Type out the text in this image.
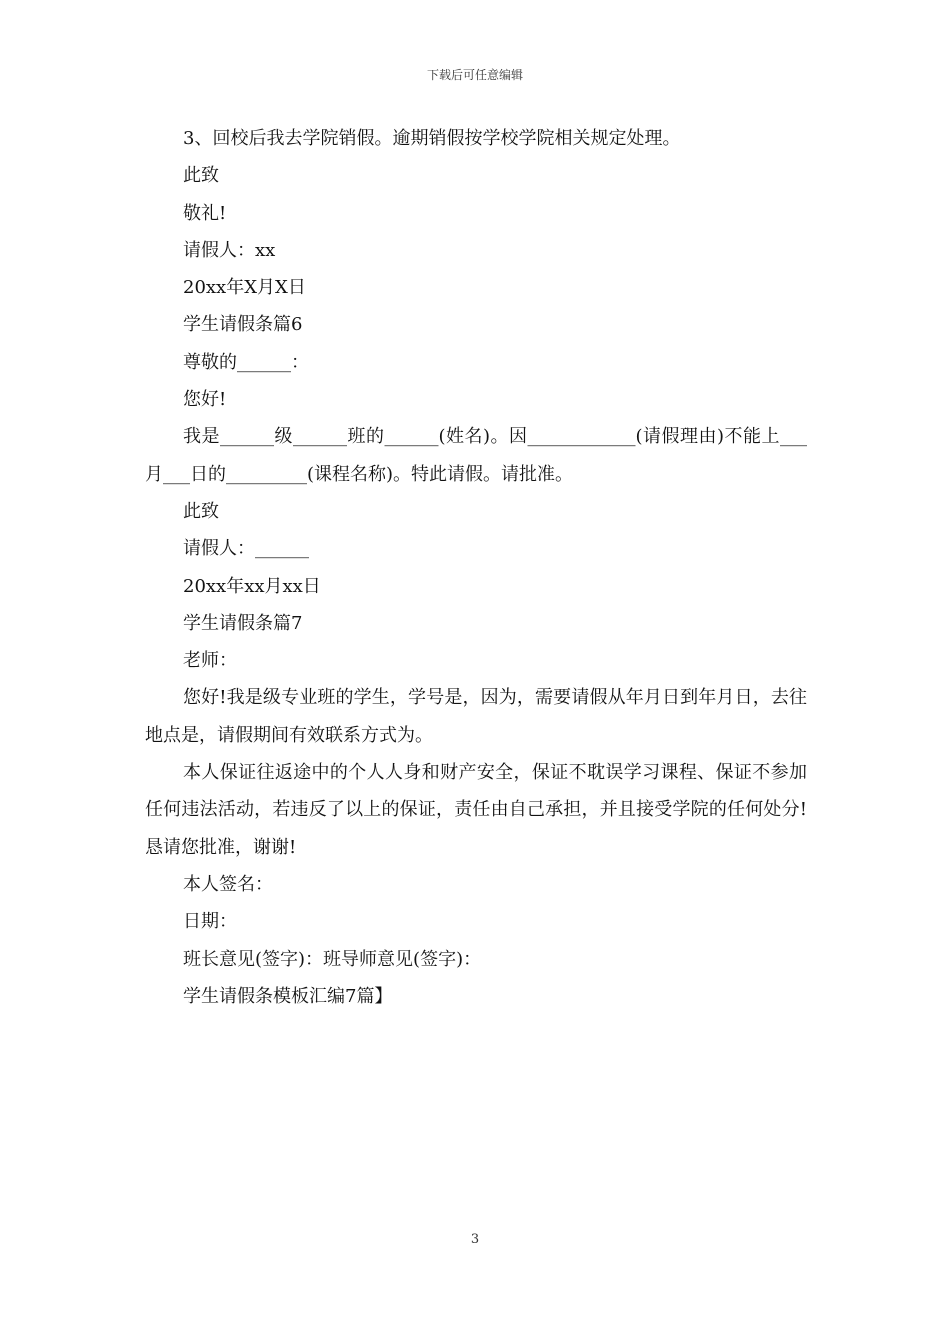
下载后可任意编辑
3、回校后我去学院销假。逾期销假按学校学院相关规定处理。
此致
敬礼!
请假人：xx
20xx年X月X日
学生请假条篇6
尊敬的______：
您好!
我是______级______班的______(姓名)。因____________(请假理由)不能上___月___日的_________(课程名称)。特此请假。请批准。
此致
请假人：______
20xx年xx月xx日
学生请假条篇7
老师：
您好!我是级专业班的学生，学号是，因为，需要请假从年月日到年月日，去往地点是，请假期间有效联系方式为。
本人保证往返途中的个人人身和财产安全，保证不耽误学习课程、保证不参加任何违法活动，若违反了以上的保证，责任由自己承担，并且接受学院的任何处分!恳请您批准，谢谢!
本人签名：
日期：
班长意见(签字)：班导师意见(签字)：
学生请假条模板汇编7篇】
3
